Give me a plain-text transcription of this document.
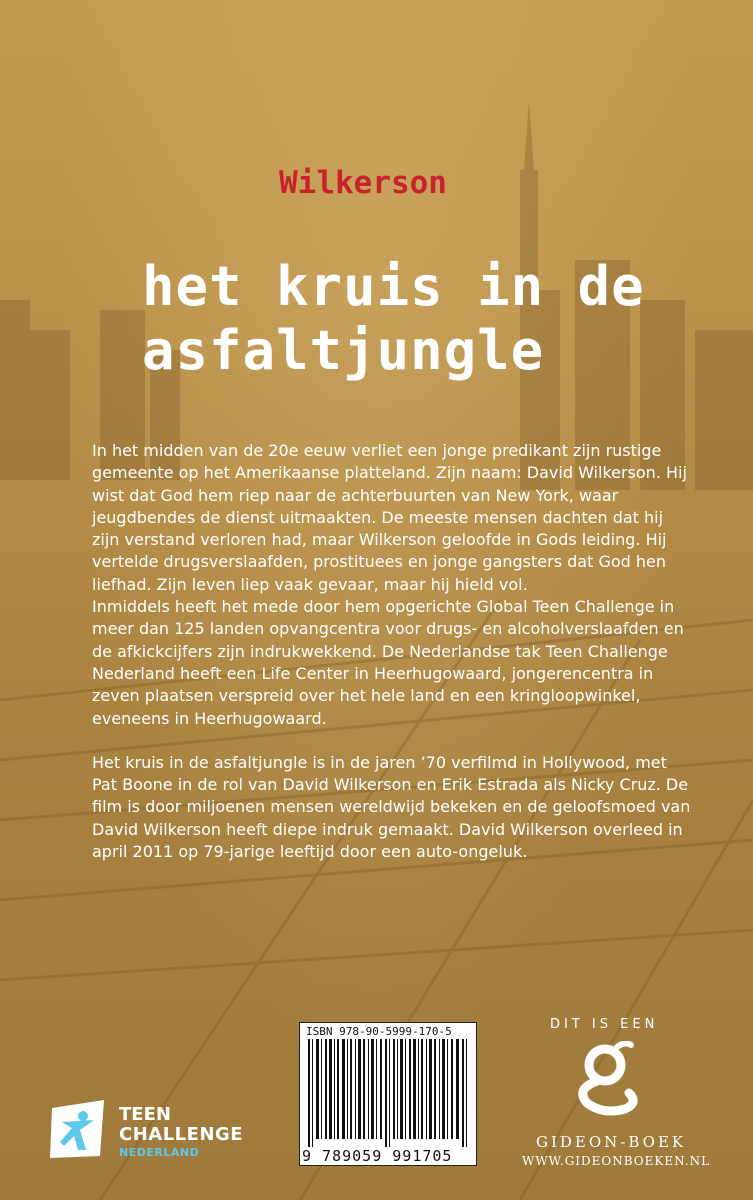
Wilkerson
het kruis in de
asfaltjungle

In het midden van de 20e eeuw verliet een jonge predikant zijn rustige gemeente op het Amerikaanse platteland. Zijn naam: David Wilkerson. Hij wist dat God hem riep naar de achterbuurten van New York, waar jeugdbendes de dienst uitmaakten. De meeste mensen dachten dat hij zijn verstand verloren had, maar Wilkerson geloofde in Gods leiding. Hij vertelde drugsverslaafden, prostituees en jonge gangsters dat God hen liefhad. Zijn leven liep vaak gevaar, maar hij hield vol.

Inmiddels heeft het mede door hem opgerichte Global Teen Challenge in meer dan 125 landen opvangcentra voor drugs- en alcoholverslaafden en de afkickcijfers zijn indrukwekkend. De Nederlandse tak Teen Challenge Nederland heeft een Life Center in Heerhugowaard, jongerencentra in zeven plaatsen verspreid over het hele land en een kringloopwinkel, eveneens in Heerhugowaard.

Het kruis in de asfaltjungle is in de jaren ’70 verfilmd in Hollywood, met Pat Boone in de rol van David Wilkerson en Erik Estrada als Nicky Cruz. De film is door miljoenen mensen wereldwijd bekeken en de geloofsmoed van David Wilkerson heeft diepe indruk gemaakt. David Wilkerson overleed in april 2011 op 79-jarige leeftijd door een auto-ongeluk.

ISBN 978-90-5999-170-5
9 789059 991705
TEEN
CHALLENGE
NEDERLAND
DIT IS EEN
GIDEON-BOEK
WWW.GIDEONBOEKEN.NL
